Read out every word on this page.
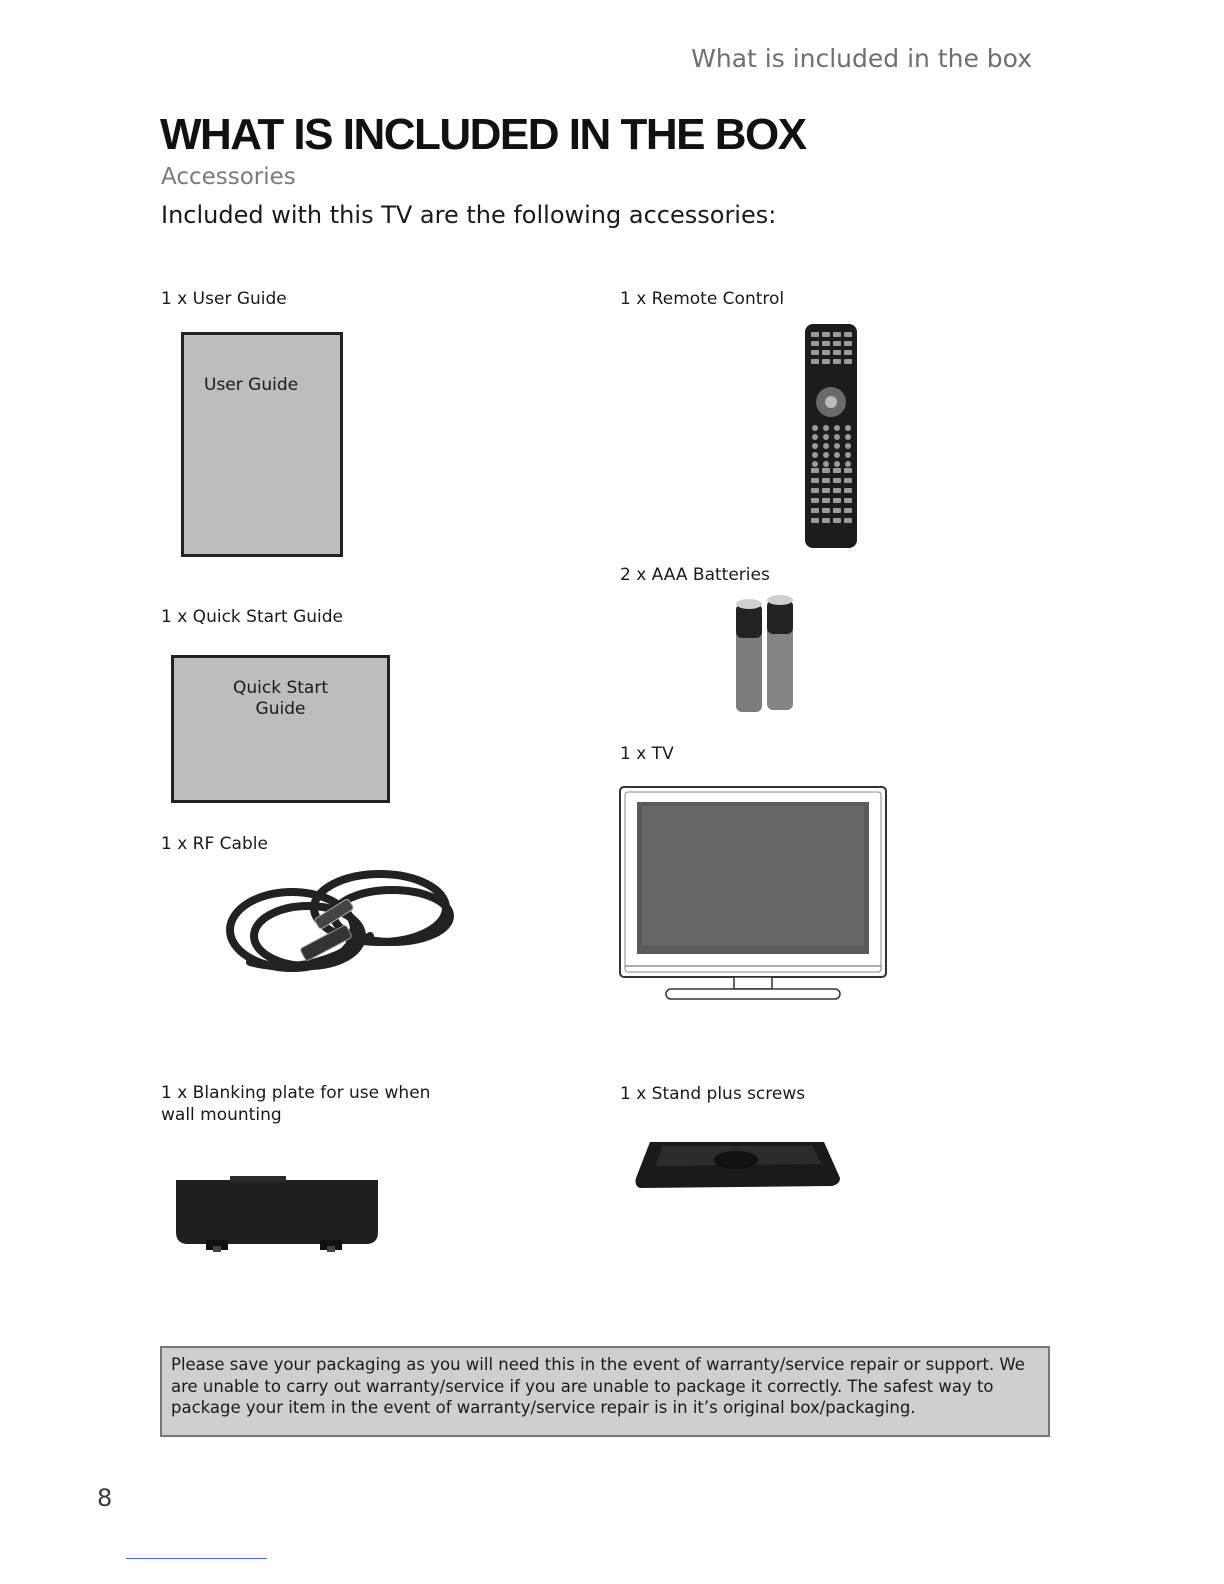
What is included in the box
WHAT IS INCLUDED IN THE BOX
Accessories
Included with this TV are the following accessories:
1 x User Guide
User Guide
1 x Remote Control
2 x AAA Batteries
1 x Quick Start Guide
Quick Start
Guide
1 x TV
1 x RF Cable
1 x Blanking plate for use when
wall mounting
1 x Stand plus screws
Please save your packaging as you will need this in the event of warranty/service repair or support. We
are unable to carry out warranty/service if you are unable to package it correctly. The safest way to
package your item in the event of warranty/service repair is in it’s original box/packaging.
8
